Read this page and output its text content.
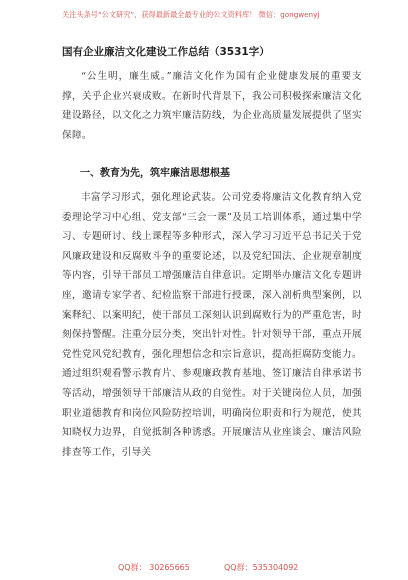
关注头条号“公文研究”，获得最新最全最专业的公文资料库！ 微信：gongwenyj
国有企业廉洁文化建设工作总结（3531字）

“公生明，廉生威。”廉洁文化作为国有企业健康发展的重要支撑，关乎企业兴衰成败。在新时代背景下，我公司积极探索廉洁文化建设路径，以文化之力筑牢廉洁防线，为企业高质量发展提供了坚实保障。

一、教育为先，筑牢廉洁思想根基

丰富学习形式，强化理论武装。公司党委将廉洁文化教育纳入党委理论学习中心组、党支部“三会一课”及员工培训体系，通过集中学习、专题研讨、线上课程等多种形式，深入学习习近平总书记关于党风廉政建设和反腐败斗争的重要论述，以及党纪国法、企业规章制度等内容，引导干部员工增强廉洁自律意识。定期举办廉洁文化专题讲座，邀请专家学者、纪检监察干部进行授课，深入剖析典型案例，以案释纪、以案明纪，使干部员工深刻认识到腐败行为的严重危害，时刻保持警醒。注重分层分类，突出针对性。针对领导干部，重点开展党性党风党纪教育，强化理想信念和宗旨意识，提高拒腐防变能力。通过组织观看警示教育片、参观廉政教育基地、签订廉洁自律承诺书等活动，增强领导干部廉洁从政的自觉性。对于关键岗位人员，加强职业道德教育和岗位风险防控培训，明确岗位职责和行为规范，使其知晓权力边界，自觉抵制各种诱惑。开展廉洁从业座谈会、廉洁风险排查等工作，引导关

QQ群： 30265665	QQ群：535304092
